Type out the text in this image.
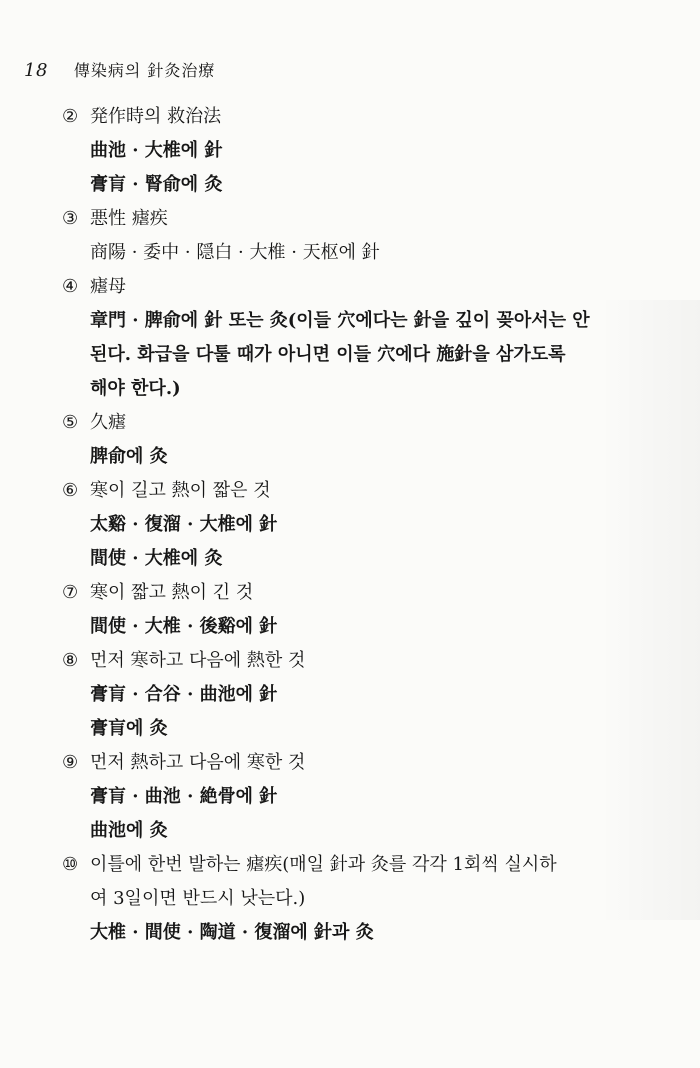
18 傳染病의 針灸治療
② 発作時의 救治法
曲池 · 大椎에 針
膏肓 · 腎俞에 灸
③ 悪性 瘧疾
商陽 · 委中 · 隠白 · 大椎 · 天枢에 針
④ 瘧母
章門 · 脾俞에 針 또는 灸(이들 穴에다는 針을 깊이 꽂아서는 안
된다. 화급을 다툴 때가 아니면 이들 穴에다 施針을 삼가도록
해야 한다.)
⑤ 久瘧
脾俞에 灸
⑥ 寒이 길고 熱이 짧은 것
太谿 · 復溜 · 大椎에 針
間使 · 大椎에 灸
⑦ 寒이 짧고 熱이 긴 것
間使 · 大椎 · 後谿에 針
⑧ 먼저 寒하고 다음에 熱한 것
膏肓 · 合谷 · 曲池에 針
膏肓에 灸
⑨ 먼저 熱하고 다음에 寒한 것
膏肓 · 曲池 · 絶骨에 針
曲池에 灸
⑩ 이틀에 한번 발하는 瘧疾(매일 針과 灸를 각각 1회씩 실시하
여 3일이면 반드시 낫는다.)
大椎 · 間使 · 陶道 · 復溜에 針과 灸
